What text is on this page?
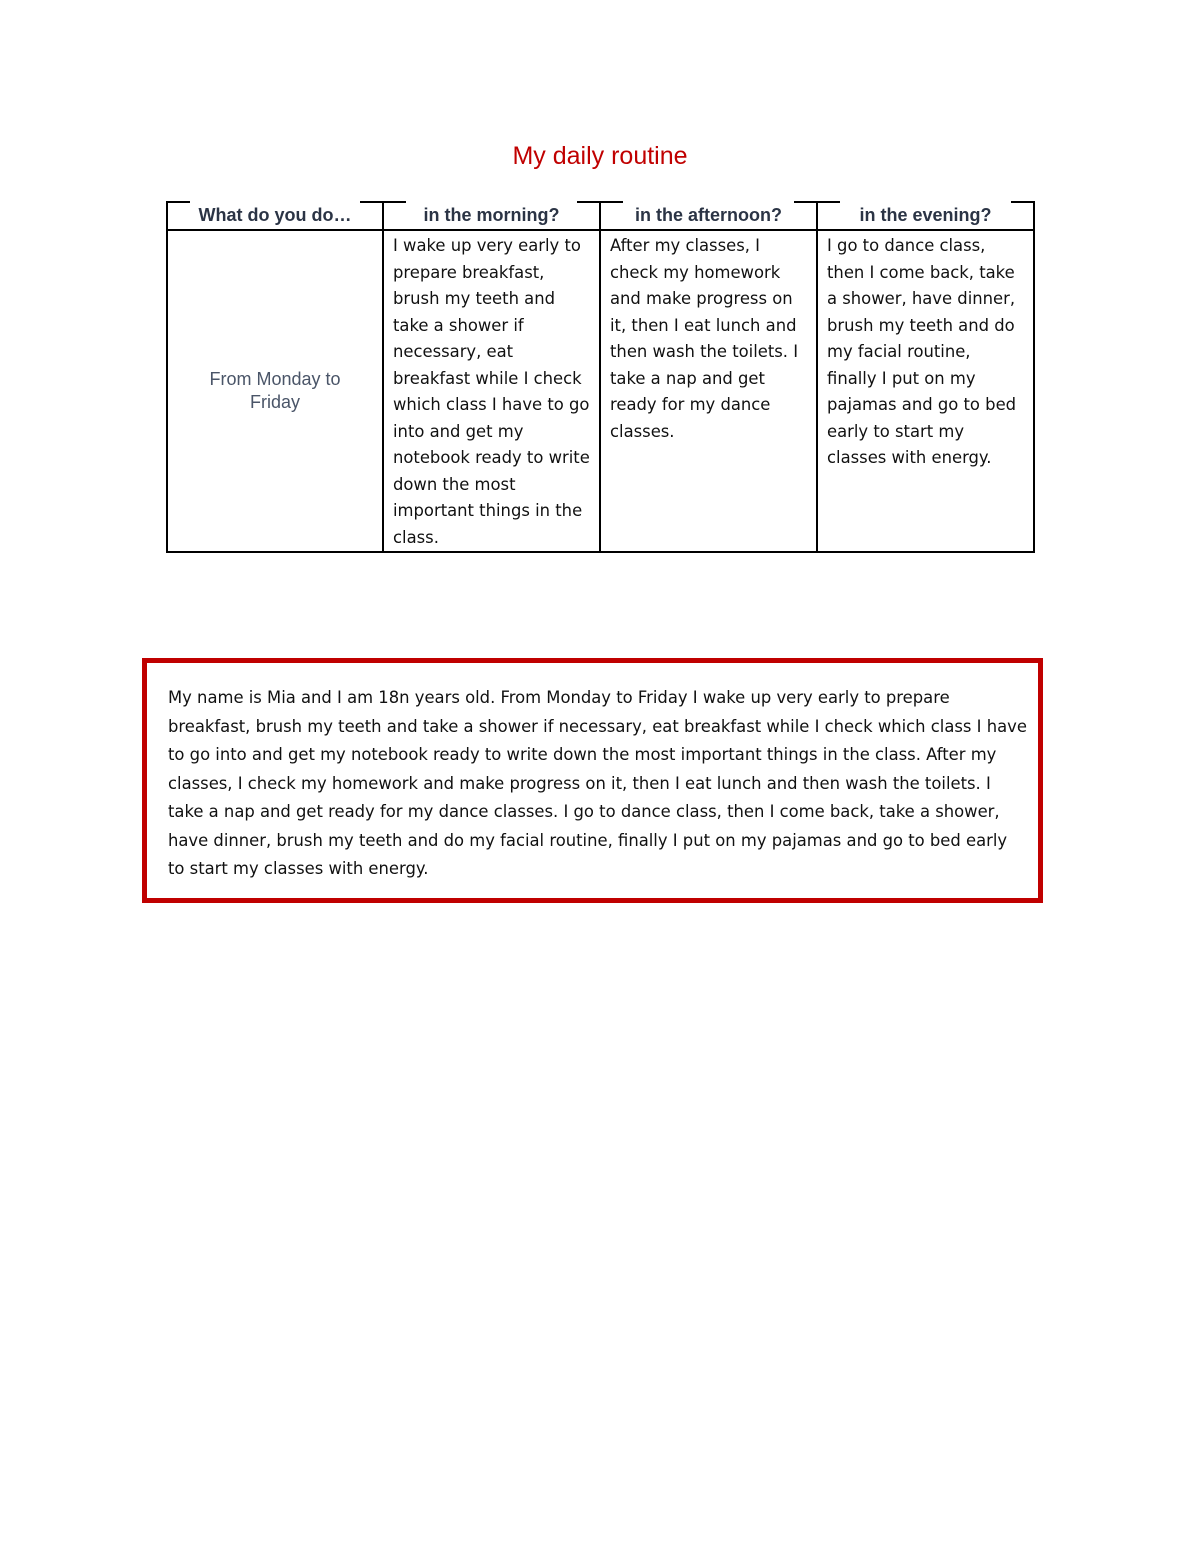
My daily routine
What do you do…	in the morning?	in the afternoon?	in the evening?
From Monday to Friday	I wake up very early to prepare breakfast, brush my teeth and take a shower if necessary, eat breakfast while I check which class I have to go into and get my notebook ready to write down the most important things in the class.	After my classes, I check my homework and make progress on it, then I eat lunch and then wash the toilets. I take a nap and get ready for my dance classes.	I go to dance class, then I come back, take a shower, have dinner, brush my teeth and do my facial routine, finally I put on my pajamas and go to bed early to start my classes with energy.

My name is Mia and I am 18n years old. From Monday to Friday I wake up very early to prepare breakfast, brush my teeth and take a shower if necessary, eat breakfast while I check which class I have to go into and get my notebook ready to write down the most important things in the class. After my classes, I check my homework and make progress on it, then I eat lunch and then wash the toilets. I take a nap and get ready for my dance classes. I go to dance class, then I come back, take a shower, have dinner, brush my teeth and do my facial routine, finally I put on my pajamas and go to bed early to start my classes with energy.
